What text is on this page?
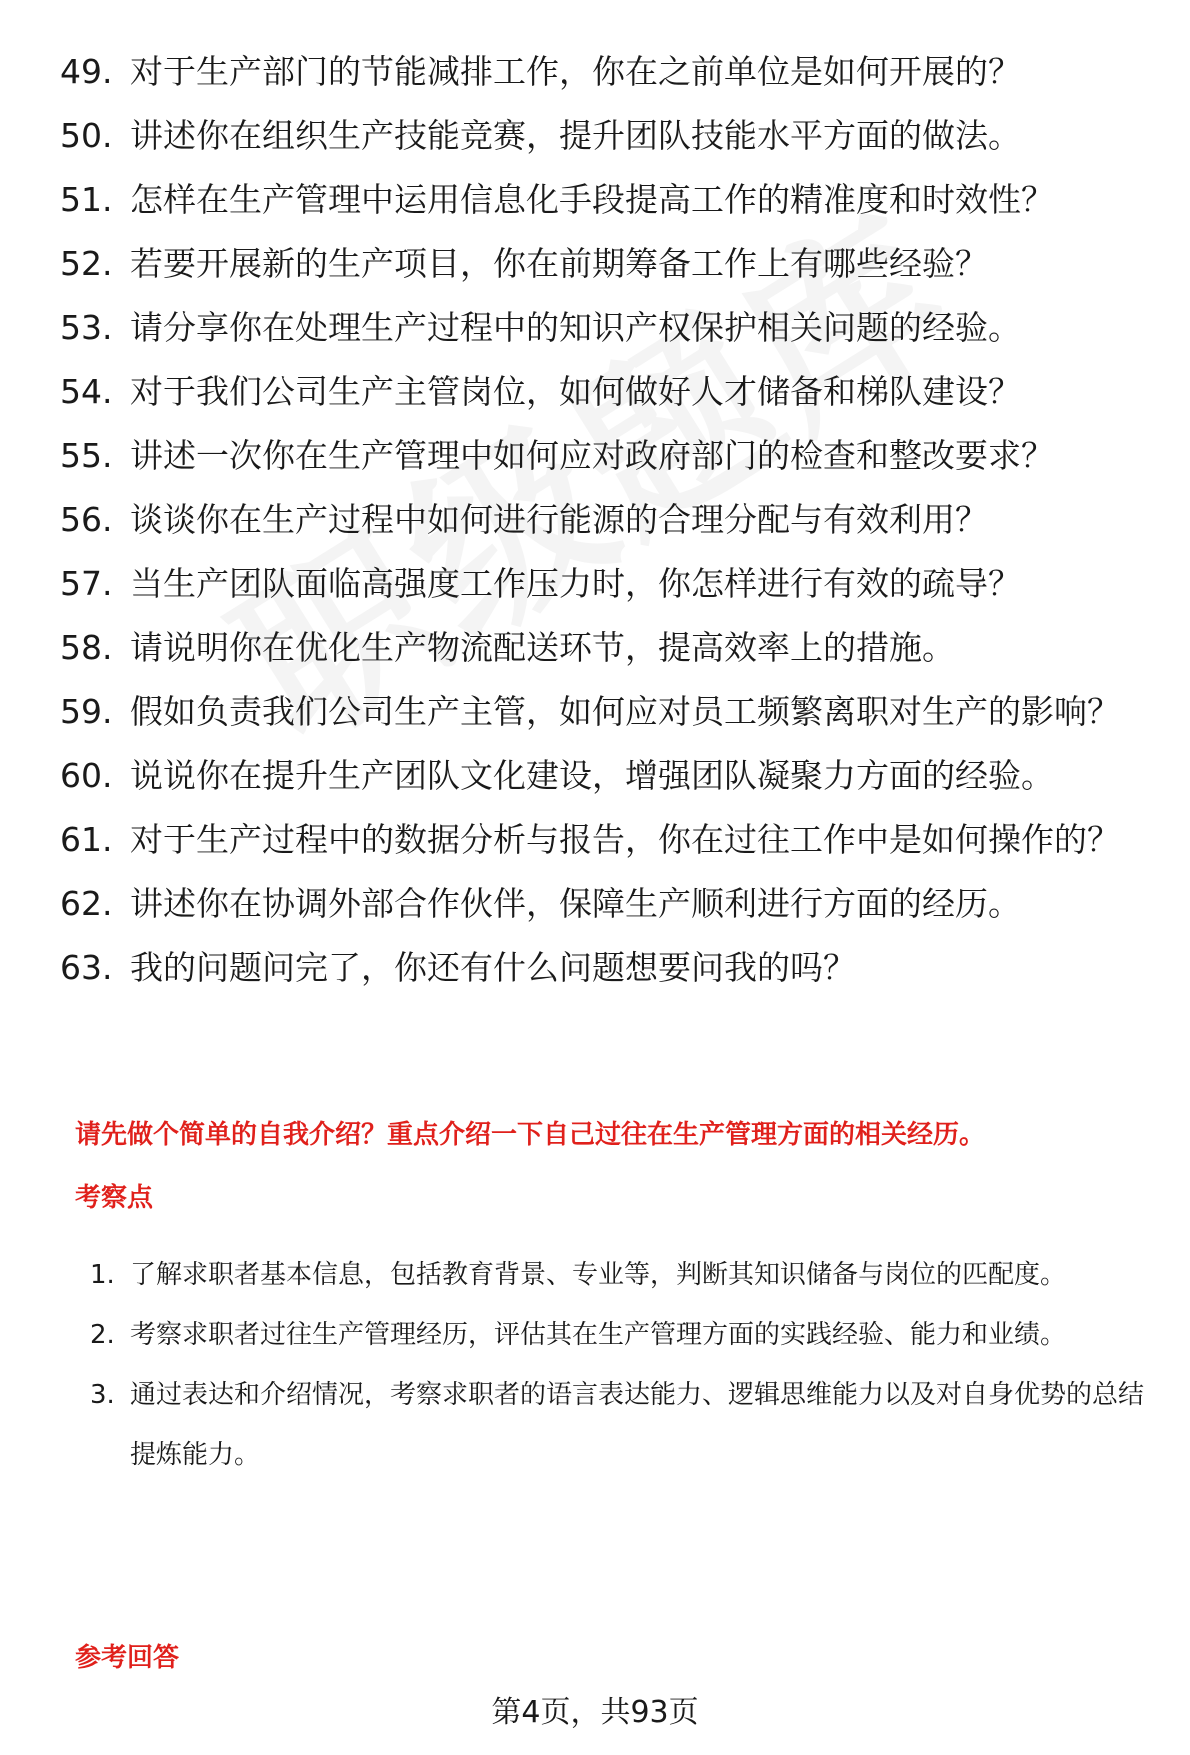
49. 对于生产部门的节能减排工作，你在之前单位是如何开展的？
50. 讲述你在组织生产技能竞赛，提升团队技能水平方面的做法。
51. 怎样在生产管理中运用信息化手段提高工作的精准度和时效性？
52. 若要开展新的生产项目，你在前期筹备工作上有哪些经验？
53. 请分享你在处理生产过程中的知识产权保护相关问题的经验。
54. 对于我们公司生产主管岗位，如何做好人才储备和梯队建设？
55. 讲述一次你在生产管理中如何应对政府部门的检查和整改要求？
56. 谈谈你在生产过程中如何进行能源的合理分配与有效利用？
57. 当生产团队面临高强度工作压力时，你怎样进行有效的疏导？
58. 请说明你在优化生产物流配送环节，提高效率上的措施。
59. 假如负责我们公司生产主管，如何应对员工频繁离职对生产的影响？
60. 说说你在提升生产团队文化建设，增强团队凝聚力方面的经验。
61. 对于生产过程中的数据分析与报告，你在过往工作中是如何操作的？
62. 讲述你在协调外部合作伙伴，保障生产顺利进行方面的经历。
63. 我的问题问完了，你还有什么问题想要问我的吗？
请先做个简单的自我介绍？重点介绍一下自己过往在生产管理方面的相关经历。
考察点
1. 了解求职者基本信息，包括教育背景、专业等，判断其知识储备与岗位的匹配度。
2. 考察求职者过往生产管理经历，评估其在生产管理方面的实践经验、能力和业绩。
3. 通过表达和介绍情况，考察求职者的语言表达能力、逻辑思维能力以及对自身优势的总结提炼能力。
参考回答
第4页，共93页
